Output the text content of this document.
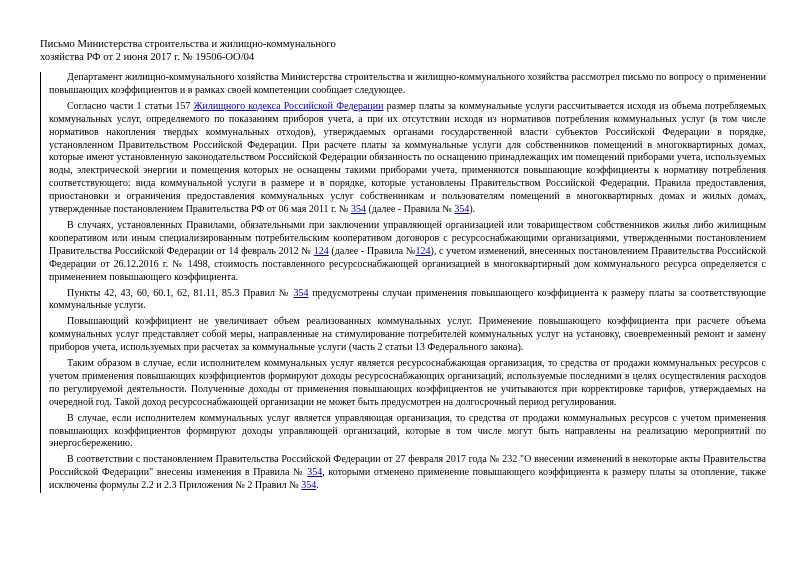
Письмо Министерства строительства и жилищно-коммунального
хозяйства РФ от 2 июня 2017 г. № 19506-ОО/04

Департамент жилищно-коммунального хозяйства Министерства строительства и жилищно-коммунального хозяйства рассмотрел письмо по вопросу о применении повышающих коэффициентов и в рамках своей компетенции сообщает следующее.

Согласно части 1 статьи 157 Жилищного кодекса Российской Федерации размер платы за коммунальные услуги рассчитывается исходя из объема потребляемых коммунальных услуг, определяемого по показаниям приборов учета, а при их отсутствии исходя из нормативов потребления коммунальных услуг (в том числе нормативов накопления твердых коммунальных отходов), утверждаемых органами государственной власти субъектов Российской Федерации в порядке, установленном Правительством Российской Федерации. При расчете платы за коммунальные услуги для собственников помещений в многоквартирных домах, которые имеют установленную законодательством Российской Федерации обязанность по оснащению принадлежащих им помещений приборами учета, используемых воды, электрической энергии и помещения которых не оснащены такими приборами учета, применяются повышающие коэффициенты к нормативу потребления соответствующего: вида коммунальной услуги в размере и в порядке, которые установлены Правительством Российской Федерации. Правила предоставления, приостановки и ограничения предоставления коммунальных услуг собственникам и пользователям помещений в многоквартирных домах и жилых домах, утвержденные постановлением Правительства РФ от 06 мая 2011 г. № 354 (далее - Правила № 354).

В случаях, установленных Правилами, обязательными при заключении управляющей организацией или товариществом собственников жилья либо жилищным кооперативом или иным специализированным потребительским кооперативом договоров с ресурсоснабжающими организациями, утвержденными постановлением Правительства Российской Федерации от 14 февраль 2012 № 124 (далее - Правила №124), с учетом изменений, внесенных постановлением Правительства Российской Федерации от 26.12.2016 г. № 1498, стоимость поставленного ресурсоснабжающей организацией в многоквартирный дом коммунального ресурса определяется с применением повышающего коэффициента.

Пункты 42, 43, 60, 60.1, 62, 81.11, 85.3 Правил № 354 предусмотрены случаи применения повышающего коэффициента к размеру платы за соответствующие коммунальные услуги.

Повышающий коэффициент не увеличивает объем реализованных коммунальных услуг. Применение повышающего коэффициента при расчете объема коммунальных услуг представляет собой меры, направленные на стимулирование потребителей коммунальных услуг на установку, своевременный ремонт и замену приборов учета, используемых при расчетах за коммунальные услуги (часть 2 статьи 13 Федерального закона).

Таким образом в случае, если исполнителем коммунальных услуг является ресурсоснабжающая организация, то средства от продажи коммунальных ресурсов с учетом применения повышающих коэффициентов формируют доходы ресурсоснабжающих организаций, используемые последними в целях осуществления расходов по регулируемой деятельности. Полученные доходы от применения повышающих коэффициентов не учитываются при корректировке тарифов, утверждаемых на очередной год. Такой доход ресурсоснабжающей организации не может быть предусмотрен на долгосрочный период регулирования.

В случае, если исполнителем коммунальных услуг является управляющая организация, то средства от продажи коммунальных ресурсов с учетом применения повышающих коэффициентов формируют доходы управляющей организаций, которые в том числе могут быть направлены на реализацию мероприятий по энергосбережению.

В соответствии с постановлением Правительства Российской Федерации от 27 февраля 2017 года № 232 "О внесении изменений в некоторые акты Правительства Российской Федерации" внесены изменения в Правила № 354, которыми отменено применение повышающего коэффициента к размеру платы за отопление, также исключены формулы 2.2 и 2.3 Приложения № 2 Правил № 354.
